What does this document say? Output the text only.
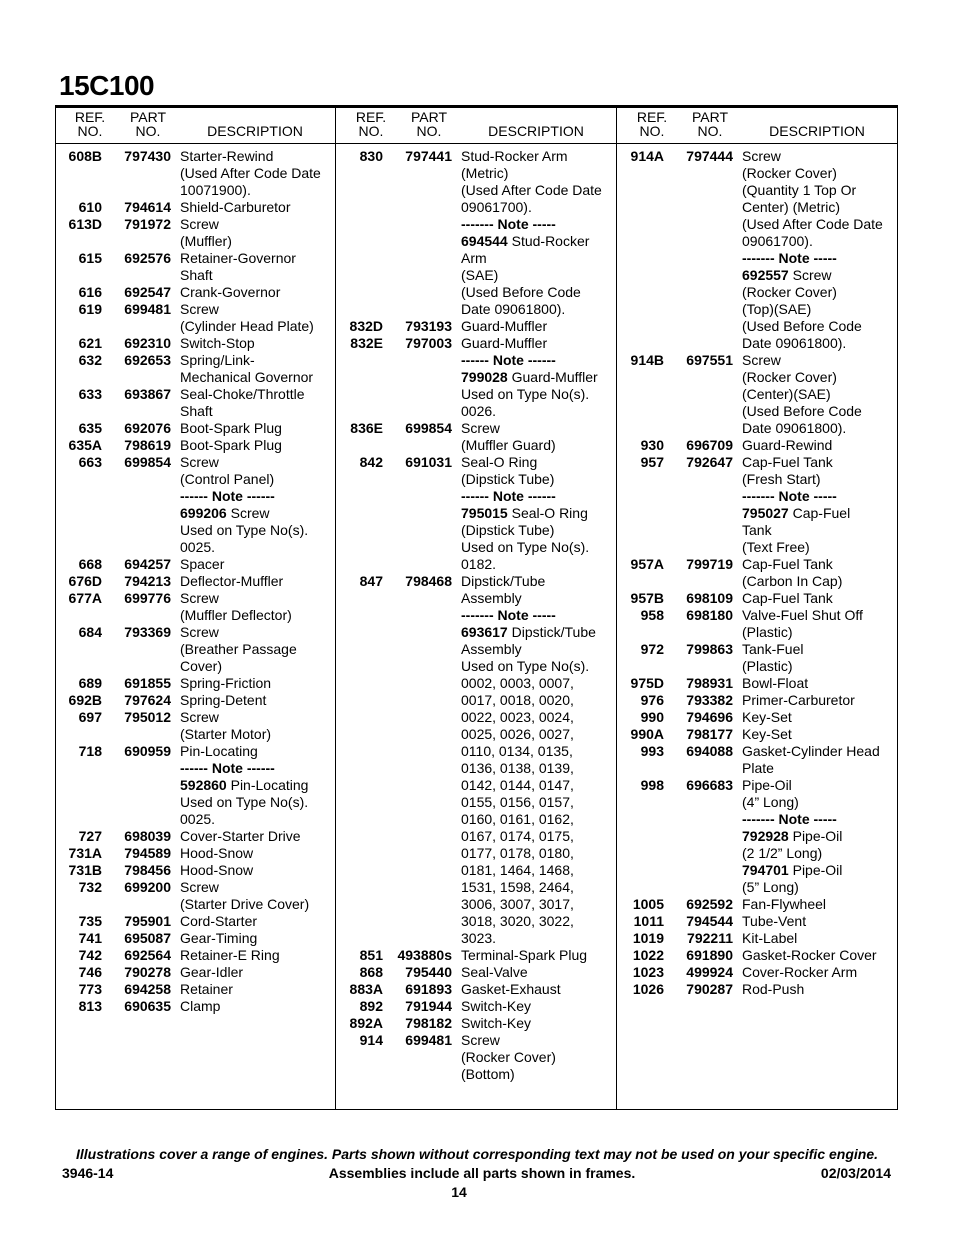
15C100
REF.
NO.
PART
NO.	DESCRIPTION
608B	797430 Starter-Rewind
(Used After Code Date
10071900).
610	794614 Shield-Carburetor
613D	791972 Screw
(Muffler)
615	692576 Retainer-Governor
Shaft
616	692547 Crank-Governor
619	699481 Screw
(Cylinder Head Plate)
621	692310 Switch-Stop
632	692653 Spring/Link-
Mechanical Governor
633	693867 Seal-Choke/Throttle
Shaft
635	692076 Boot-Spark Plug
635A	798619 Boot-Spark Plug
663	699854 Screw
(Control Panel)
------ Note ------
699206 Screw
Used on Type No(s).
0025.
668	694257 Spacer
676D	794213 Deflector-Muffler
677A	699776 Screw
(Muffler Deflector)
684	793369 Screw
(Breather Passage
Cover)
689	691855 Spring-Friction
692B	797624 Spring-Detent
697	795012 Screw
(Starter Motor)
718	690959 Pin-Locating
------ Note ------
592860 Pin-Locating
Used on Type No(s).
0025.
727	698039 Cover-Starter Drive
731A	794589 Hood-Snow
731B	798456 Hood-Snow
732	699200 Screw
(Starter Drive Cover)
735	795901 Cord-Starter
741	695087 Gear-Timing
742	692564 Retainer-E Ring
746	790278 Gear-Idler
773	694258 Retainer
813	690635 Clamp
REF.
NO.
PART
NO.	DESCRIPTION
830	797441 Stud-Rocker Arm
(Metric)
(Used After Code Date
09061700).
------- Note -----
694544 Stud-Rocker
Arm
(SAE)
(Used Before Code
Date 09061800).
832D	793193 Guard-Muffler
832E	797003 Guard-Muffler
------ Note ------
799028 Guard-Muffler
Used on Type No(s).
0026.
836E	699854 Screw
(Muffler Guard)
842	691031 Seal-O Ring
(Dipstick Tube)
------ Note ------
795015 Seal-O Ring
(Dipstick Tube)
Used on Type No(s).
0182.
847	798468 Dipstick/Tube
Assembly
------- Note -----
693617 Dipstick/Tube
Assembly
Used on Type No(s).
0002, 0003, 0007,
0017, 0018, 0020,
0022, 0023, 0024,
0025, 0026, 0027,
0110, 0134, 0135,
0136, 0138, 0139,
0142, 0144, 0147,
0155, 0156, 0157,
0160, 0161, 0162,
0167, 0174, 0175,
0177, 0178, 0180,
0181, 1464, 1468,
1531, 1598, 2464,
3006, 3007, 3017,
3018, 3020, 3022,
3023.
851	493880s Terminal-Spark Plug
868	795440 Seal-Valve
883A	691893 Gasket-Exhaust
892	791944 Switch-Key
892A	798182 Switch-Key
914	699481 Screw
(Rocker Cover)
(Bottom)
REF.
NO.
PART
NO.	DESCRIPTION
914A	797444 Screw
(Rocker Cover)
(Quantity 1 Top Or
Center) (Metric)
(Used After Code Date
09061700).
------- Note -----
692557 Screw
(Rocker Cover)
(Top)(SAE)
(Used Before Code
Date 09061800).
914B	697551 Screw
(Rocker Cover)
(Center)(SAE)
(Used Before Code
Date 09061800).
930	696709 Guard-Rewind
957	792647 Cap-Fuel Tank
(Fresh Start)
------- Note -----
795027 Cap-Fuel
Tank
(Text Free)
957A	799719 Cap-Fuel Tank
(Carbon In Cap)
957B	698109 Cap-Fuel Tank
958	698180 Valve-Fuel Shut Off
(Plastic)
972	799863 Tank-Fuel
(Plastic)
975D	798931 Bowl-Float
976	793382 Primer-Carburetor
990	794696 Key-Set
990A	798177 Key-Set
993	694088 Gasket-Cylinder Head
Plate
998	696683 Pipe-Oil
(4” Long)
------- Note -----
792928 Pipe-Oil
(2 1/2” Long)
794701 Pipe-Oil
(5” Long)
1005	692592 Fan-Flywheel
1011	794544 Tube-Vent
1019	792211 Kit-Label
1022	691890 Gasket-Rocker Cover
1023	499924 Cover-Rocker Arm
1026	790287 Rod-Push
Illustrations cover a range of engines. Parts shown without corresponding text may not be used on your specific engine.
3946-14	Assemblies include all parts shown in frames.	02/03/2014
14
